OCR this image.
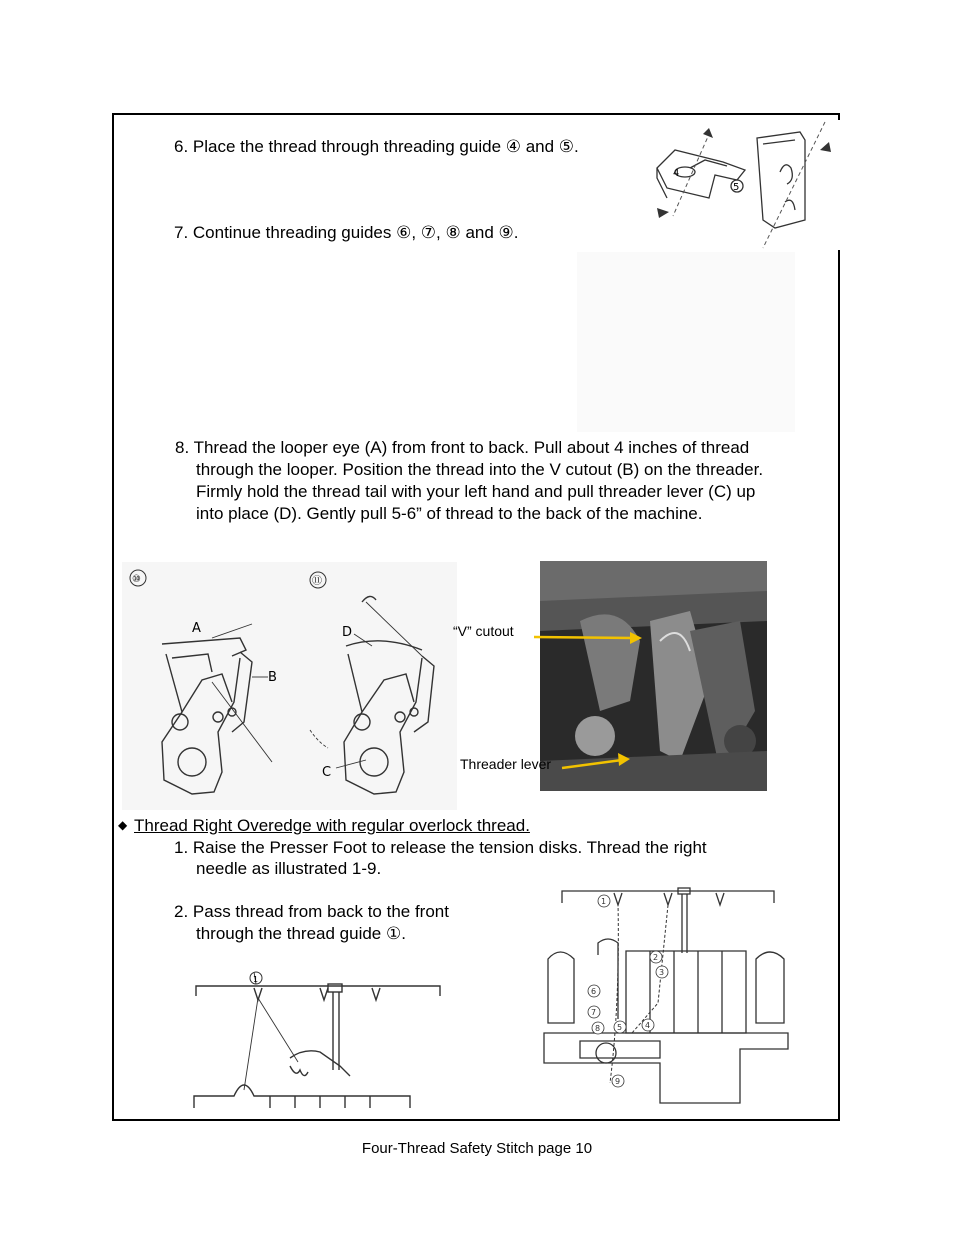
6. Place the thread through threading guide ④ and ⑤.
7. Continue threading guides ⑥, ⑦, ⑧ and ⑨.
4
5
8. Thread the looper eye (A) from front to back. Pull about 4 inches of thread
through the looper. Position the thread into the V cutout (B) on the threader.
Firmly hold the thread tail with your left hand and pull threader lever (C) up
into place (D). Gently pull 5-6” of thread to the back of the machine.
⑩	⑪
A
B
D
C
“V” cutout
Threader lever
◆ Thread Right Overedge with regular overlock thread.
1. Raise the Presser Foot to release the tension disks. Thread the right
needle as illustrated 1-9.
2. Pass thread from back to the front
through the thread guide ①.
1
1
2
3
4
5
6
7
8
9
Four-Thread Safety Stitch page 10
